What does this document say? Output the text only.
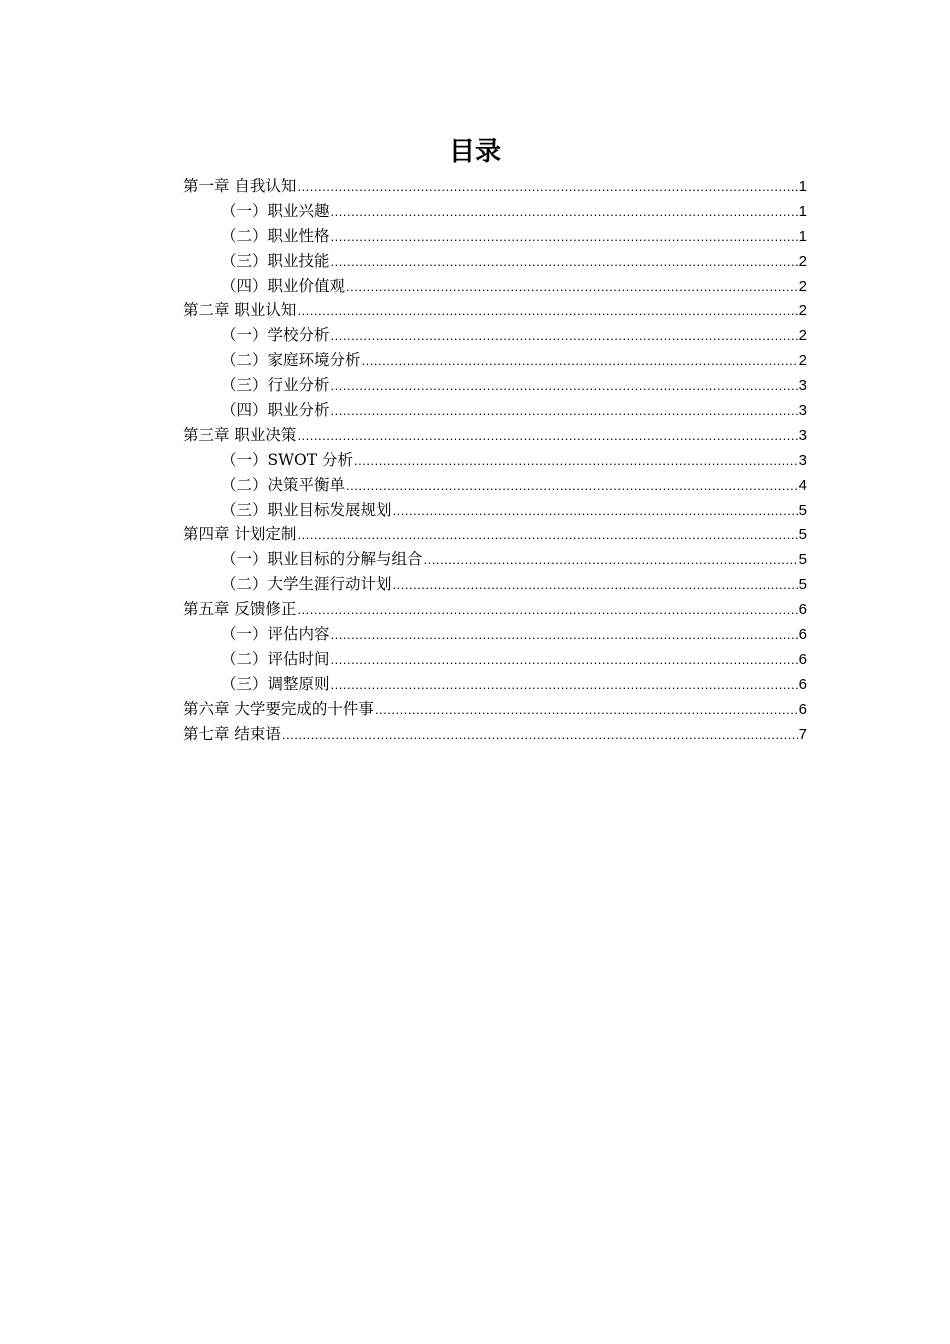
目录
第一章 自我认知 .....	1
（一）职业兴趣 .....	1
（二）职业性格 .....	1
（三）职业技能 .....	2
（四）职业价值观 .....	2
第二章 职业认知 .....	2
（一）学校分析 .....	2
（二）家庭环境分析 .....	2
（三）行业分析 .....	3
（四）职业分析 .....	3
第三章 职业决策 .....	3
（一）SWOT 分析 .....	3
（二）决策平衡单 .....	4
（三）职业目标发展规划 .....	5
第四章 计划定制 .....	5
（一）职业目标的分解与组合 .....	5
（二）大学生涯行动计划 .....	5
第五章 反馈修正 .....	6
（一）评估内容 .....	6
（二）评估时间 .....	6
（三）调整原则 .....	6
第六章 大学要完成的十件事 .....	6
第七章 结束语 .....	7
